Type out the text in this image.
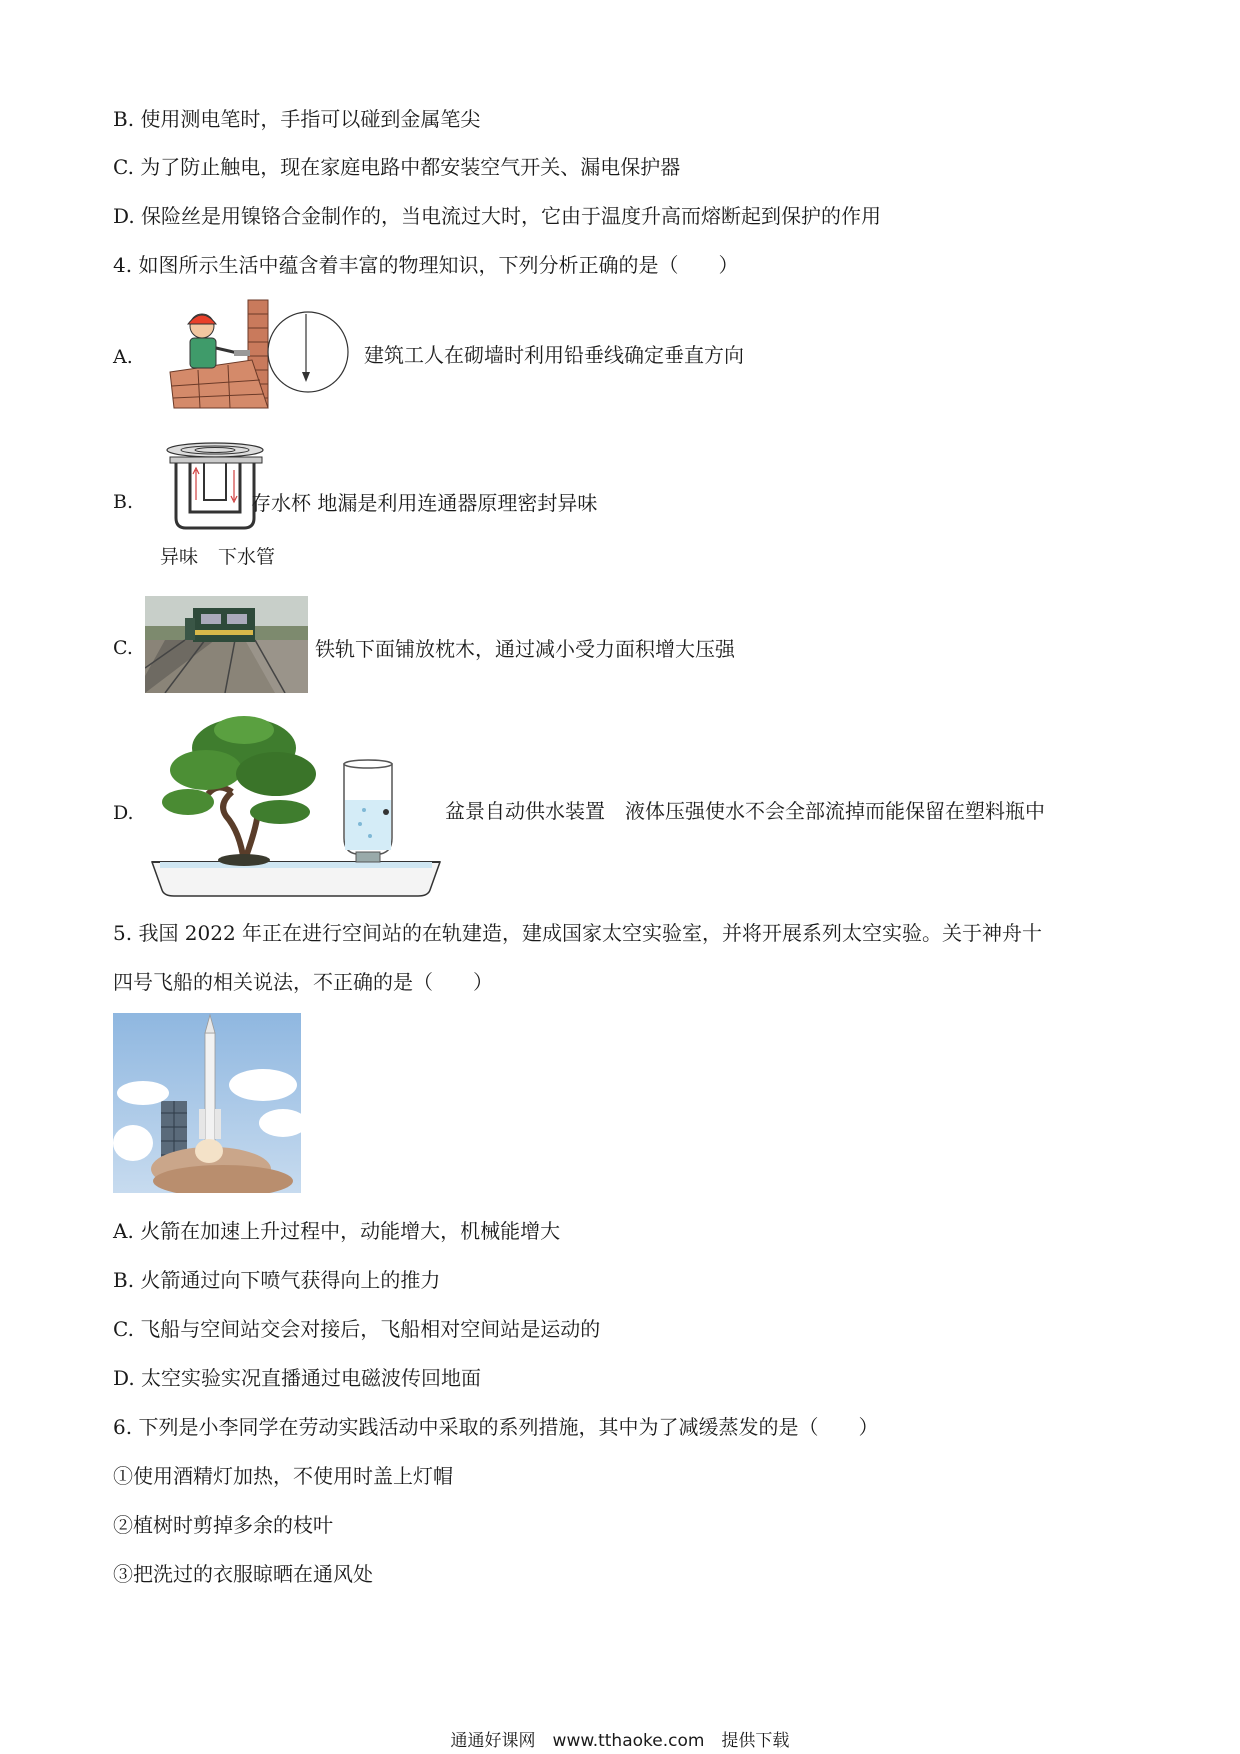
B. 使用测电笔时，手指可以碰到金属笔尖
C. 为了防止触电，现在家庭电路中都安装空气开关、漏电保护器
D. 保险丝是用镍铬合金制作的，当电流过大时，它由于温度升高而熔断起到保护的作用
4. 如图所示生活中蕴含着丰富的物理知识，下列分析正确的是（　　）
A.	建筑工人在砌墙时利用铅垂线确定垂直方向
B.	存水杯 地漏是利用连通器原理密封异味
异味 下水管
C.	铁轨下面铺放枕木，通过减小受力面积增大压强
D.	盆景自动供水装置　液体压强使水不会全部流掉而能保留在塑料瓶中
5. 我国 2022 年正在进行空间站的在轨建造，建成国家太空实验室，并将开展系列太空实验。关于神舟十
四号飞船的相关说法，不正确的是（　　）
A. 火箭在加速上升过程中，动能增大，机械能增大
B. 火箭通过向下喷气获得向上的推力
C. 飞船与空间站交会对接后，飞船相对空间站是运动的
D. 太空实验实况直播通过电磁波传回地面
6. 下列是小李同学在劳动实践活动中采取的系列措施，其中为了减缓蒸发的是（　　）
①使用酒精灯加热，不使用时盖上灯帽
②植树时剪掉多余的枝叶
③把洗过的衣服晾晒在通风处
通通好课网　www.tthaoke.com　提供下载
